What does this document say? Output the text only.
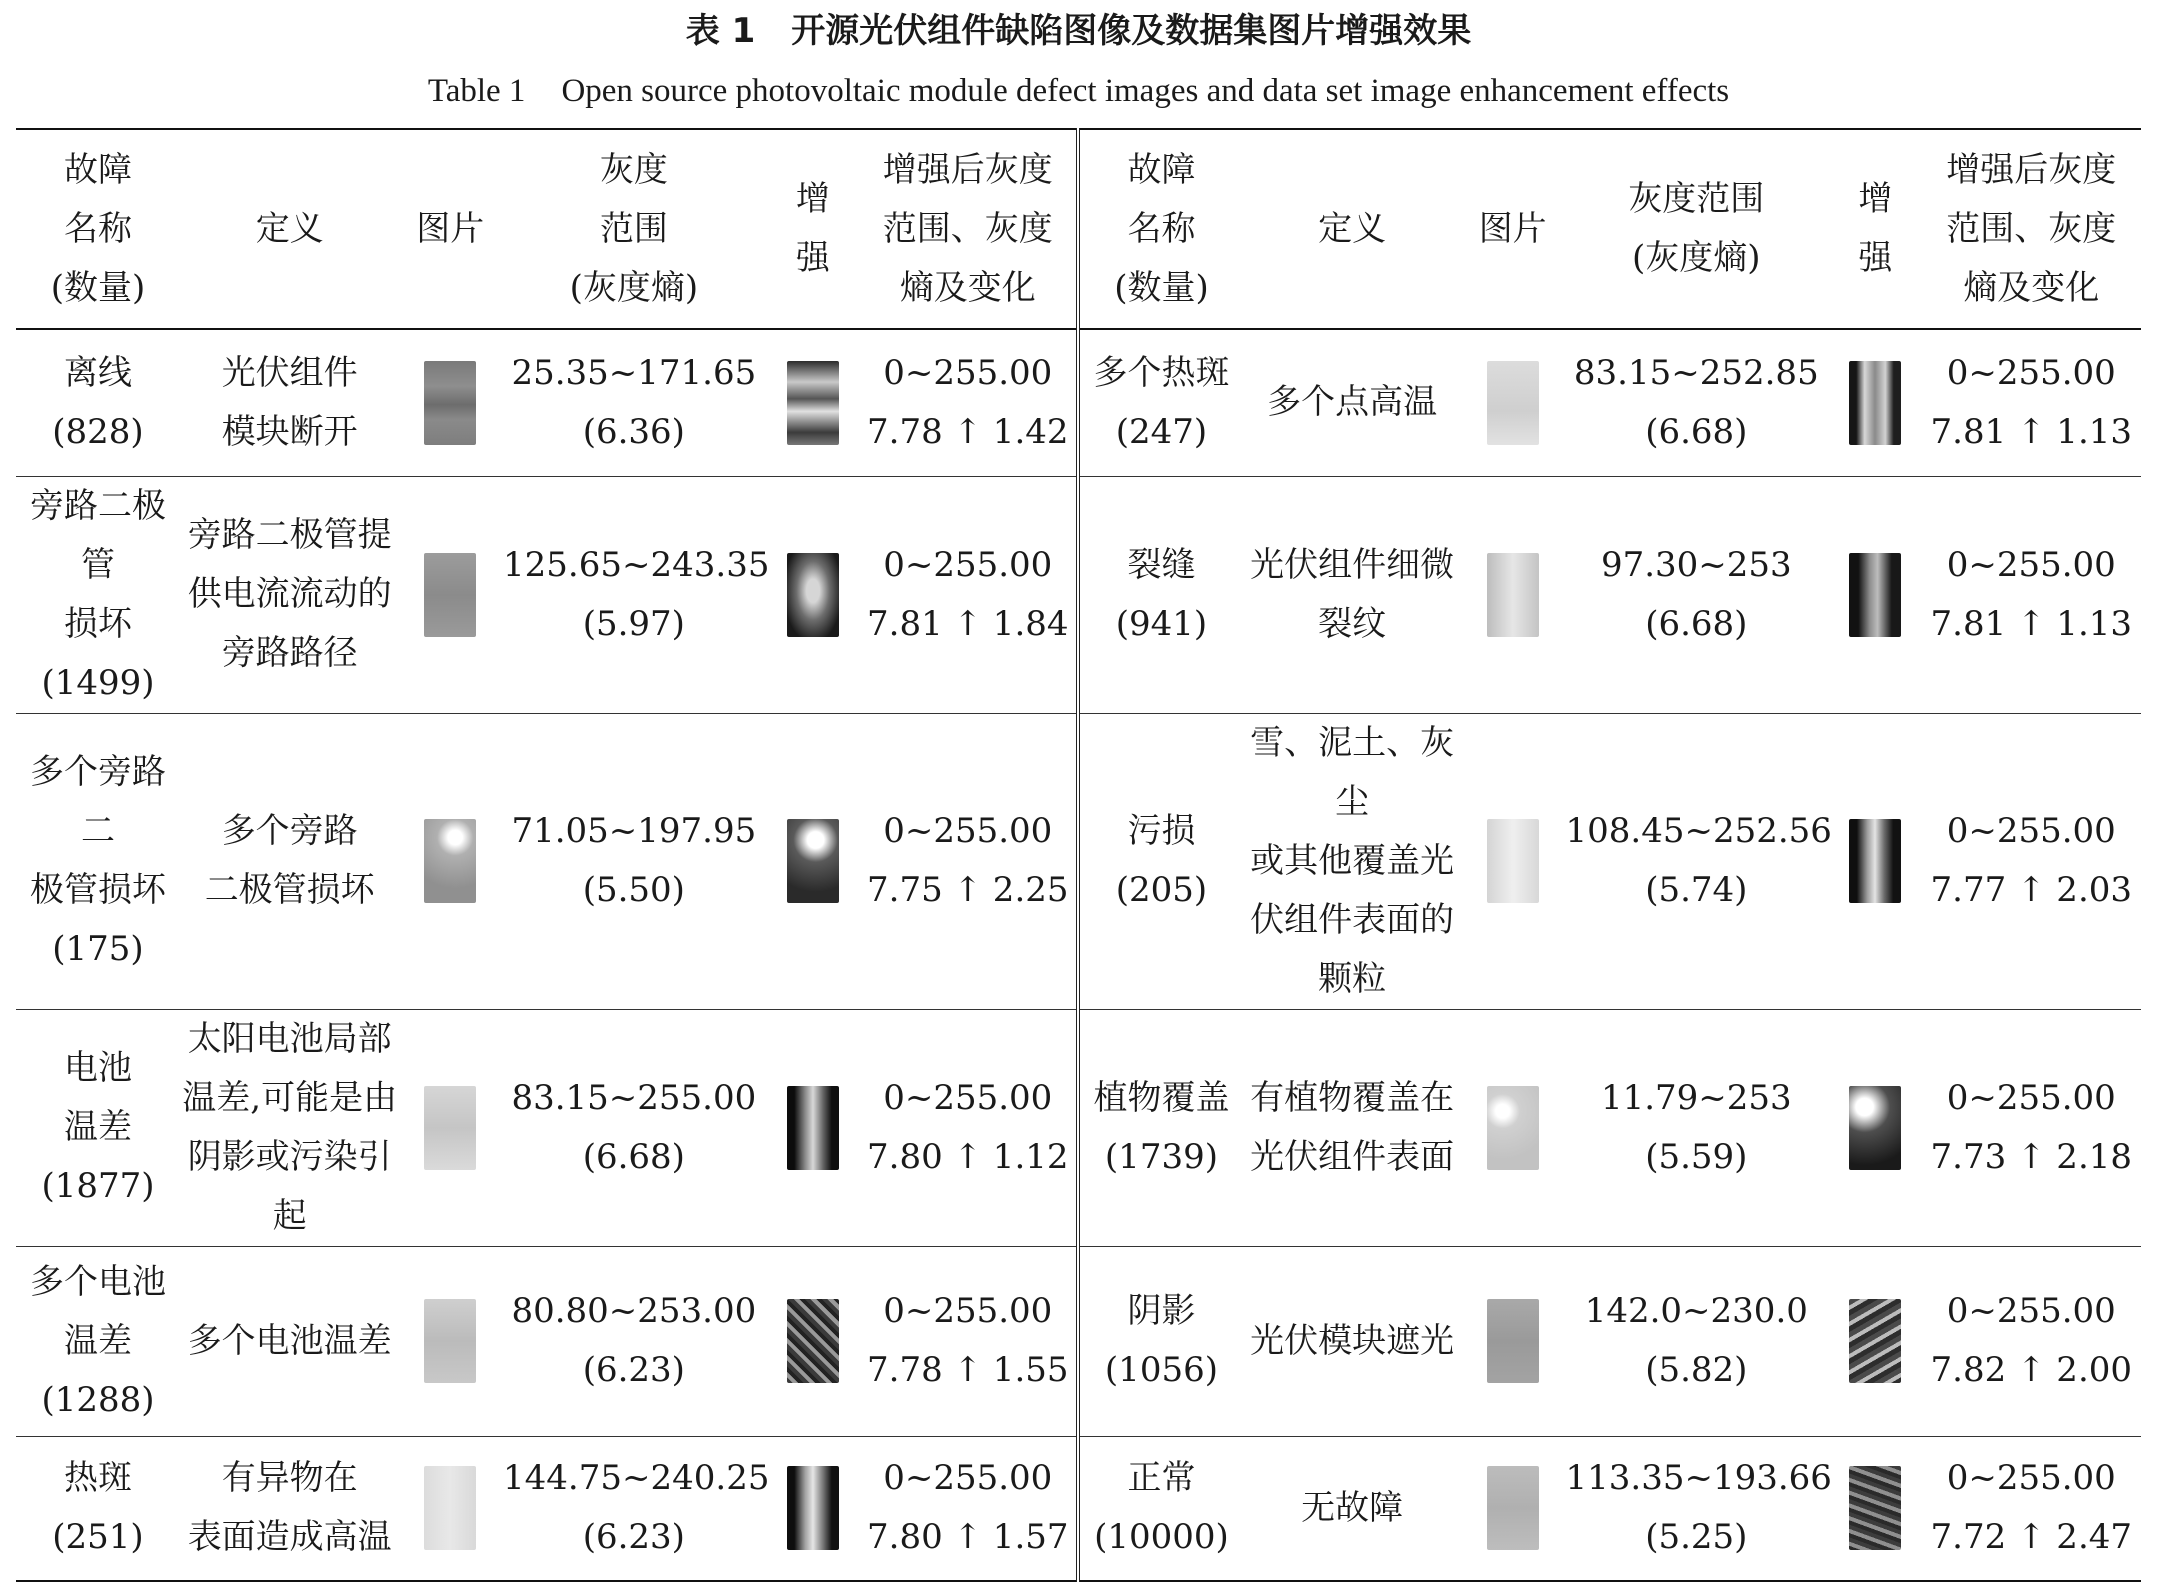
表 1 开源光伏组件缺陷图像及数据集图片增强效果
Table 1 Open source photovoltaic module defect images and data set image enhancement effects
故障
名称
(数量)	定义	图片	灰度
范围
(灰度熵)	增
强	增强后灰度
范围、灰度
熵及变化	故障
名称
(数量)	定义	图片	灰度范围
(灰度熵)	增
强	增强后灰度
范围、灰度
熵及变化

离线
(828)	光伏组件
模块断开		25.35~171.65
(6.36)		0~255.00
7.78 ↑ 1.42	多个热斑
(247)	多个点高温		83.15~252.85
(6.68)		0~255.00
7.81 ↑ 1.13

旁路二极管
损坏(1499)	旁路二极管提
供电流流动的
旁路路径		125.65~243.35
(5.97)		0~255.00
7.81 ↑ 1.84	裂缝
(941)	光伏组件细微
裂纹		97.30~253
(6.68)		0~255.00
7.81 ↑ 1.13

多个旁路二
极管损坏
(175)	多个旁路
二极管损坏		71.05~197.95
(5.50)		0~255.00
7.75 ↑ 2.25	污损
(205)	雪、泥土、灰尘
或其他覆盖光
伏组件表面的
颗粒		108.45~252.56
(5.74)		0~255.00
7.77 ↑ 2.03

电池
温差
(1877)	太阳电池局部
温差,可能是由
阴影或污染引起		83.15~255.00
(6.68)		0~255.00
7.80 ↑ 1.12	植物覆盖
(1739)	有植物覆盖在
光伏组件表面		11.79~253
(5.59)		0~255.00
7.73 ↑ 2.18

多个电池
温差
(1288)	多个电池温差		80.80~253.00
(6.23)		0~255.00
7.78 ↑ 1.55	阴影
(1056)	光伏模块遮光		142.0~230.0
(5.82)		0~255.00
7.82 ↑ 2.00

热斑
(251)	有异物在
表面造成高温		144.75~240.25
(6.23)		0~255.00
7.80 ↑ 1.57	正常
(10000)	无故障		113.35~193.66
(5.25)		0~255.00
7.72 ↑ 2.47
